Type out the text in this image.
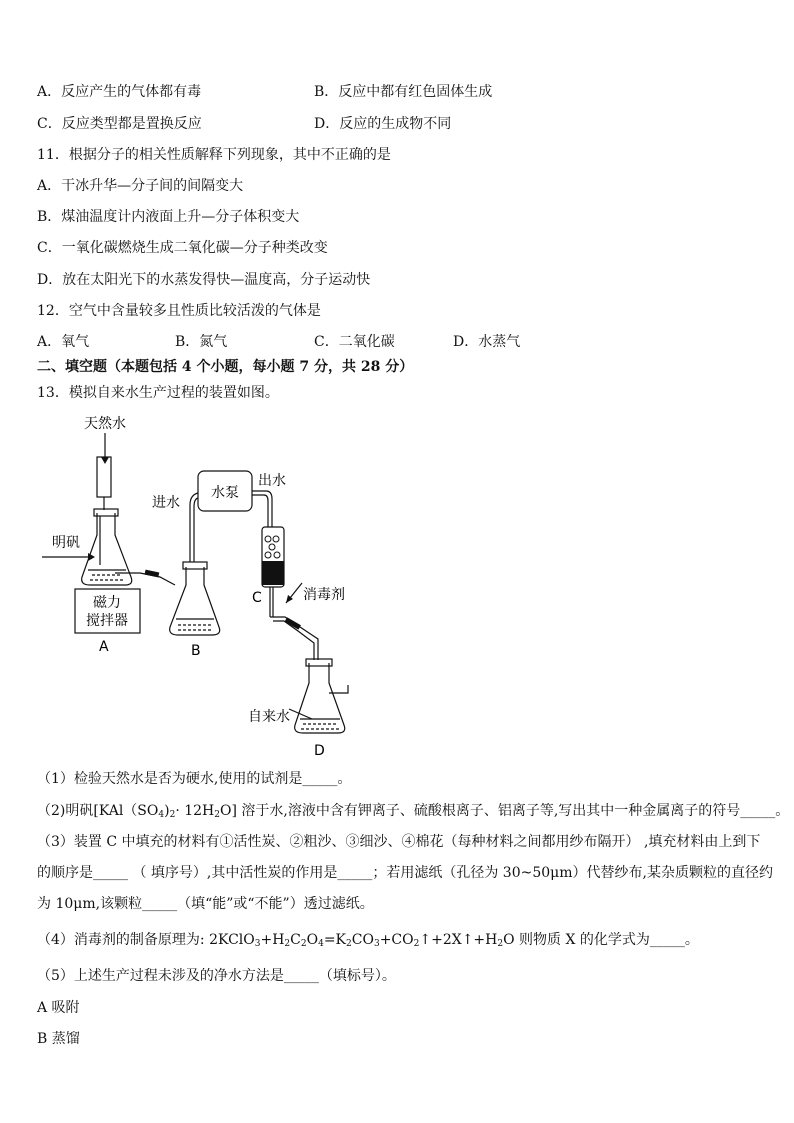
A．反应产生的气体都有毒	B．反应中都有红色固体生成
C．反应类型都是置换反应	D．反应的生成物不同
11．根据分子的相关性质解释下列现象，其中不正确的是
A．干冰升华—分子间的间隔变大
B．煤油温度计内液面上升—分子体积变大
C．一氧化碳燃烧生成二氧化碳—分子种类改变
D．放在太阳光下的水蒸发得快—温度高，分子运动快
12．空气中含量较多且性质比较活泼的气体是
A．氧气	B．氮气	C．二氧化碳	D．水蒸气
二、填空题（本题包括 4 个小题，每小题 7 分，共 28 分）
13．模拟自来水生产过程的装置如图。
天然水
明矾
磁力
搅拌器
A	B
进水
水泵
出水
C	消毒剂
自来水
D
（1）检验天然水是否为硬水,使用的试剂是_____。
（2)明矾$[KAl(SO_4)_2\cdot 12H_2O]$ 溶于水,溶液中含有钾离子、硫酸根离子、铝离子等,写出其中一种金属离子的符号_____。
（3）装置 C 中填充的材料有①活性炭、②粗沙、③细沙、④棉花（每种材料之间都用纱布隔开） ,填充材料由上到下
的顺序是_____ （ 填序号）,其中活性炭的作用是_____；若用滤纸（孔径为 30~50μm）代替纱布,某杂质颗粒的直径约
为 10μm,该颗粒_____（填“能”或“不能”）透过滤纸。
（4）消毒剂的制备原理为: $2KClO_3+H_2C_2O_4=K_2CO_3+CO_2↑+2X↑+H_2O$ 则物质 X 的化学式为_____。
（5）上述生产过程未涉及的净水方法是_____（填标号）。
A 吸附
B 蒸馏
